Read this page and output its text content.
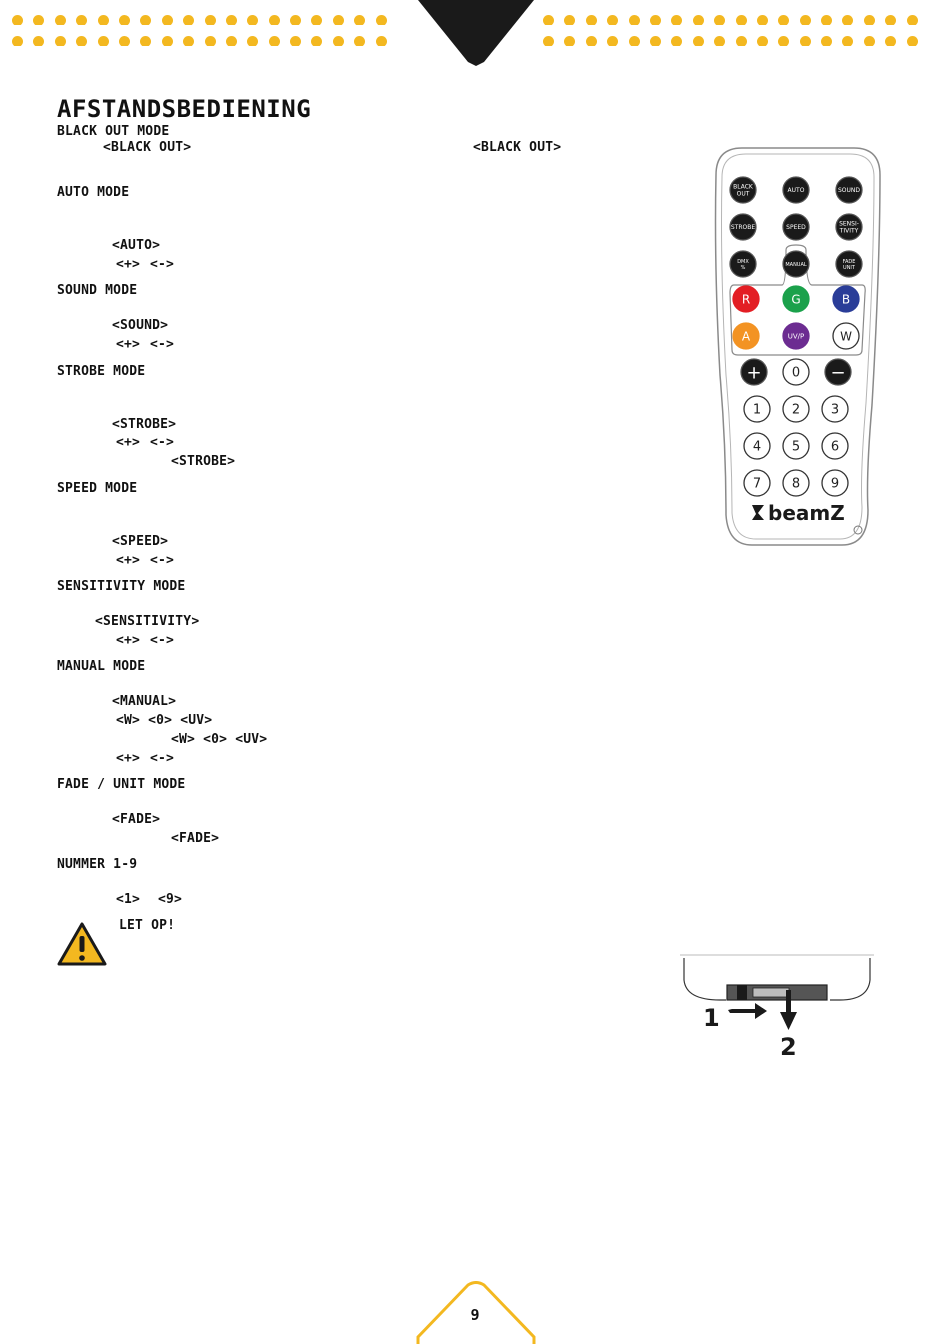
AFSTANDSBEDIENING
BLACK OUT MODE
<BLACK OUT>	<BLACK OUT>
AUTO MODE
<AUTO>
<+> <->
SOUND MODE
<SOUND>
<+> <->
STROBE MODE
<STROBE>
<+> <->
<STROBE>
SPEED MODE
<SPEED>
<+> <->
SENSITIVITY MODE
<SENSITIVITY>
<+> <->
MANUAL MODE
<MANUAL>
<W> <0> <UV>
<W> <0> <UV>
<+> <->
FADE / UNIT MODE
<FADE>
<FADE>
NUMMER 1-9
<1> <9>
LET OP!
BLACK
OUT	AUTO	SOUND
STROBE	SPEED	SENSI-
TIVITY
DMX
%	MANUAL	FADE
UNIT
R	G	B
A	UV/P	W
+ 0 −
1 2 3
4 5 6
7 8 9
beamZ
1
2
9
